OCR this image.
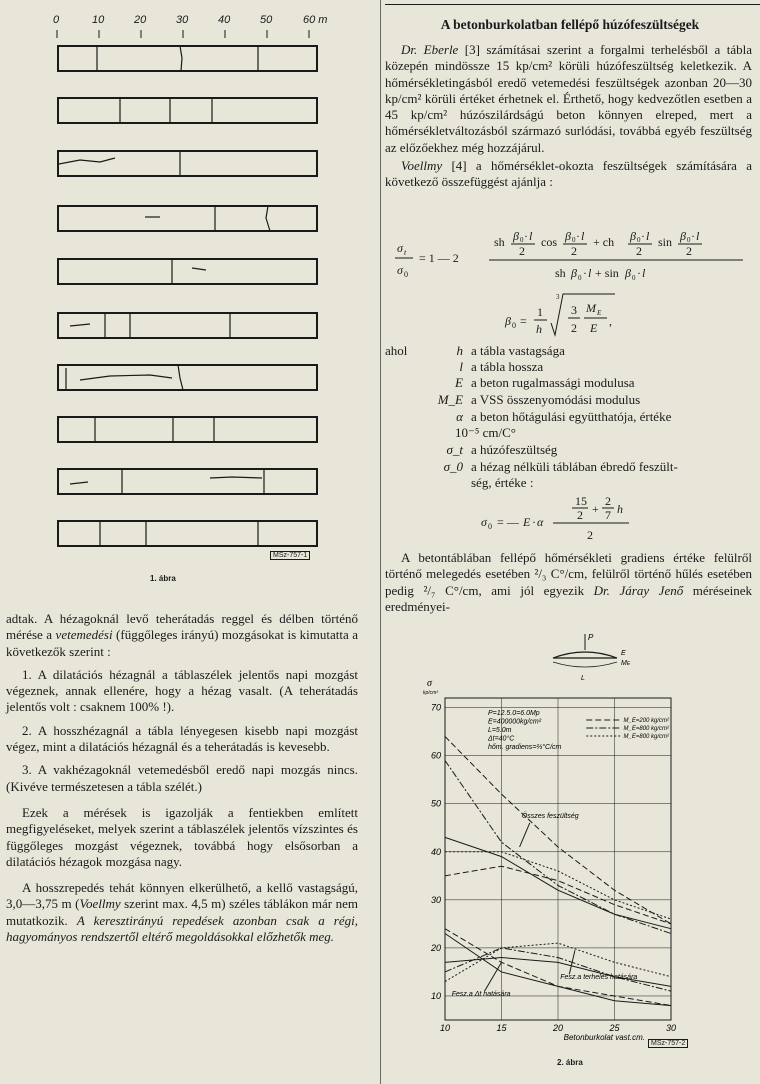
0	10	20	30	40	50	60 m
MSz-757-1
1. ábra

adtak. A hézagoknál levő teherátadás reggel és délben történő mérése a vetemedési (függőleges irányú) mozgásokat is kimutatta a következők szerint :

1. A dilatációs hézagnál a táblaszélek jelentős napi mozgást végeznek, annak ellenére, hogy a hézag vasalt. (A teherátadás jelentős volt : csaknem 100% !).

2. A hosszhézagnál a tábla lényegesen kisebb napi mozgást végez, mint a dilatációs hézagnál és a teherátadás is kevesebb.

3. A vakhézagoknál vetemedésből eredő napi mozgás nincs. (Kivéve természetesen a tábla szélét.)

Ezek a mérések is igazolják a fentiekben említett megfigyeléseket, melyek szerint a táblaszélek jelentős vízszintes és függőleges mozgást végeznek, továbbá hogy elsősorban a dilatációs hézagok mozgása nagy.

A hosszrepedés tehát könnyen elkerülhető, a kellő vastagságú, 3,0—3,75 m (Voellmy szerint max. 4,5 m) széles táblákon már nem mutatkozik. A keresztirányú repedések azonban csak a régi, hagyományos rendszertől eltérő megoldásokkal előzhetők meg.

A betonburkolatban fellépő húzófeszültségek

Dr. Eberle [3] számításai szerint a forgalmi terhelésből a tábla közepén mindössze 15 kp/cm² körüli húzófeszültség keletkezik. A hőmérsékletingásból eredő vetemedési feszültségek azonban 20—30 kp/cm² körüli értéket érhetnek el. Érthető, hogy kedvezőtlen esetben a 45 kp/cm² húzószilárdságú beton könnyen elreped, mert a hőmérsékletváltozásból származó surlódási, továbbá egyéb feszültség az előzőekhez még hozzájárul.

Voellmy [4] a hőmérséklet-okozta feszültségek számítására a következő összefüggést ajánlja :

σ t
σ 0
= 1 — 2
sh β 0 · l
2
cos β 0 · l
2
+ ch β 0 · l
2
sin β 0 · l
2
sh β 0 · l + sin β 0 · l
β 0 =
1
h
3
3
2
M E
E ,
ahol	h a tábla vastagsága
l a tábla hossza
E a beton rugalmassági modulusa
M_E a VSS összenyomódási modulus
α a beton hőtágulási együtthatója, értéke
10⁻⁵ cm/C°
σ_t a húzófeszültség
σ_0 a hézag nélküli táblában ébredő feszült-
ség, értéke :
σ 0 = — E · α
15
2 +
2
7 h
2

A betontáblában fellépő hőmérsékleti gradiens értéke felülről történő melegedés esetében ²/₃ C°/cm, felülről történő hűlés esetében pedig ²/₇ C°/cm, ami jól egyezik Dr. Járay Jenő méréseinek eredményei-

P
E
ME
L
10	15	20	25	30
10
20
30
40
50
60
70
σ
kp/cm²
Betonburkolat vast.cm.
P=12.5.0=6.0Mp
E=400000kg/cm²
L=5.0m
Δt=40°C
hőm. gradiens=⅔°C/cm
M_E=200 kg/cm²
M_E=800 kg/cm²
M_E=800 kg/cm²
Összes feszültség
Fesz.a Δt hatására
Fesz.a terheles hatására
MSz-757-2
2. ábra
